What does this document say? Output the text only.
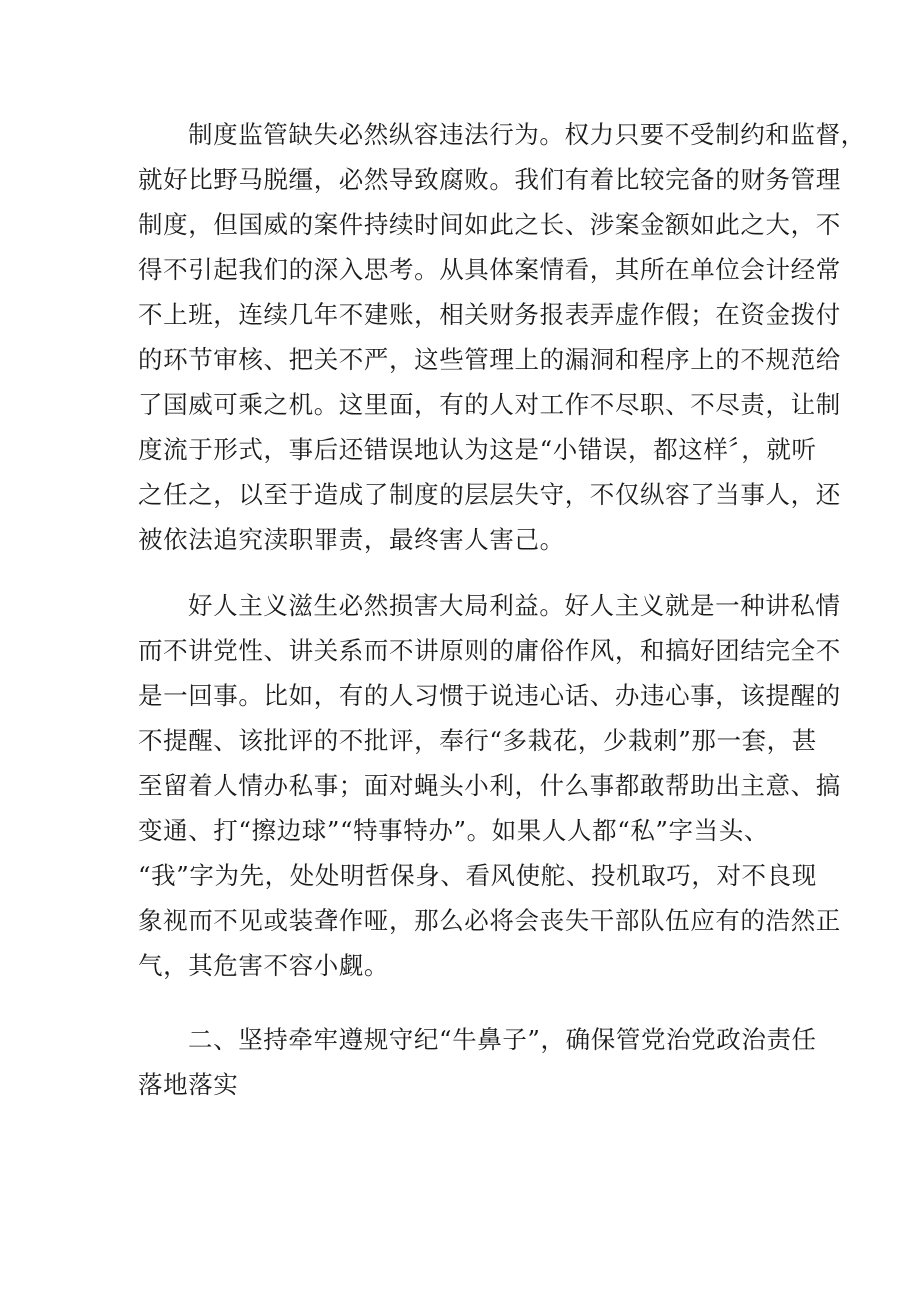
制度监管缺失必然纵容违法行为。权力只要不受制约和监督，
就好比野马脱缰，必然导致腐败。我们有着比较完备的财务管理
制度，但国威的案件持续时间如此之长、涉案金额如此之大，不
得不引起我们的深入思考。从具体案情看，其所在单位会计经常
不上班，连续几年不建账，相关财务报表弄虚作假；在资金拨付
的环节审核、把关不严，这些管理上的漏洞和程序上的不规范给
了国威可乘之机。这里面，有的人对工作不尽职、不尽责，让制
度流于形式，事后还错误地认为这是“小错误，都这样〞，就听
之任之，以至于造成了制度的层层失守，不仅纵容了当事人，还
被依法追究渎职罪责，最终害人害己。
好人主义滋生必然损害大局利益。好人主义就是一种讲私情
而不讲党性、讲关系而不讲原则的庸俗作风，和搞好团结完全不
是一回事。比如，有的人习惯于说违心话、办违心事，该提醒的
不提醒、该批评的不批评，奉行“多栽花，少栽刺”那一套，甚
至留着人情办私事；面对蝇头小利，什么事都敢帮助出主意、搞
变通、打“擦边球”“特事特办”。如果人人都“私”字当头、
“我”字为先，处处明哲保身、看风使舵、投机取巧，对不良现
象视而不见或装聋作哑，那么必将会丧失干部队伍应有的浩然正
气，其危害不容小觑。
二、坚持牵牢遵规守纪“牛鼻子”，确保管党治党政治责任
落地落实
